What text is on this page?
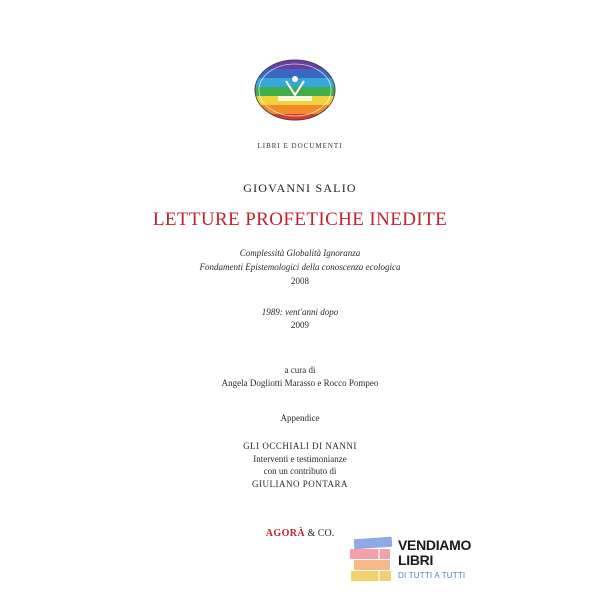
LIBRI E DOCUMENTI
GIOVANNI SALIO
LETTURE PROFETICHE INEDITE
Complessità Globalità Ignoranza
Fondamenti Epistemologici della conoscenza ecologica
2008
1989: vent'anni dopo
2009
a cura di
Angela Dogliotti Marasso e Rocco Pompeo
Appendice
GLI OCCHIALI DI NANNI
Interventi e testimonianze
con un contributo di
GIULIANO PONTARA
AGORÀ & CO.
VENDIAMO
LIBRI
DI TUTTI A TUTTI
